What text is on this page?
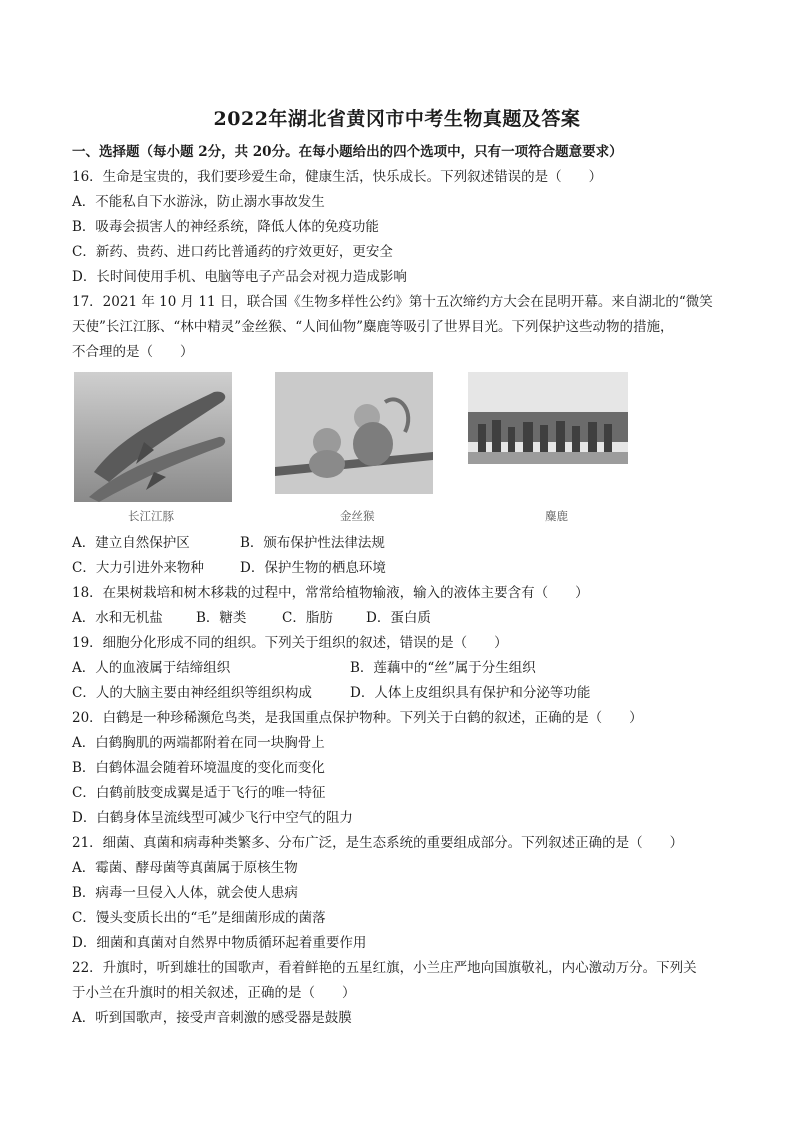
2022年湖北省黄冈市中考生物真题及答案
一、选择题（每小题 2分，共 20分。在每小题给出的四个选项中，只有一项符合题意要求）
16．生命是宝贵的，我们要珍爱生命，健康生活，快乐成长。下列叙述错误的是（　　）
A．不能私自下水游泳，防止溺水事故发生
B．吸毒会损害人的神经系统，降低人体的免疫功能
C．新药、贵药、进口药比普通药的疗效更好，更安全
D．长时间使用手机、电脑等电子产品会对视力造成影响
17．2021 年 10 月 11 日，联合国《生物多样性公约》第十五次缔约方大会在昆明开幕。来自湖北的“微笑
天使”长江江豚、“林中精灵”金丝猴、“人间仙物”麋鹿等吸引了世界目光。下列保护这些动物的措施，
不合理的是（　　）
长江江豚	金丝猴	麋鹿
A．建立自然保护区	B．颁布保护性法律法规
C．大力引进外来物种	D．保护生物的栖息环境
18．在果树栽培和树木移栽的过程中，常常给植物输液，输入的液体主要含有（　　）
A．水和无机盐 B．糖类	C．脂肪 D．蛋白质
19．细胞分化形成不同的组织。下列关于组织的叙述，错误的是（　　）
A．人的血液属于结缔组织	B．莲藕中的“丝”属于分生组织
C．人的大脑主要由神经组织等组织构成	D．人体上皮组织具有保护和分泌等功能
20．白鹤是一种珍稀濒危鸟类，是我国重点保护物种。下列关于白鹤的叙述，正确的是（　　）
A．白鹤胸肌的两端都附着在同一块胸骨上
B．白鹤体温会随着环境温度的变化而变化
C．白鹤前肢变成翼是适于飞行的唯一特征
D．白鹤身体呈流线型可减少飞行中空气的阻力
21．细菌、真菌和病毒种类繁多、分布广泛，是生态系统的重要组成部分。下列叙述正确的是（　　）
A．霉菌、酵母菌等真菌属于原核生物
B．病毒一旦侵入人体，就会使人患病
C．馒头变质长出的“毛”是细菌形成的菌落
D．细菌和真菌对自然界中物质循环起着重要作用
22．升旗时，听到雄壮的国歌声，看着鲜艳的五星红旗，小兰庄严地向国旗敬礼，内心激动万分。下列关
于小兰在升旗时的相关叙述，正确的是（　　）
A．听到国歌声，接受声音刺激的感受器是鼓膜
